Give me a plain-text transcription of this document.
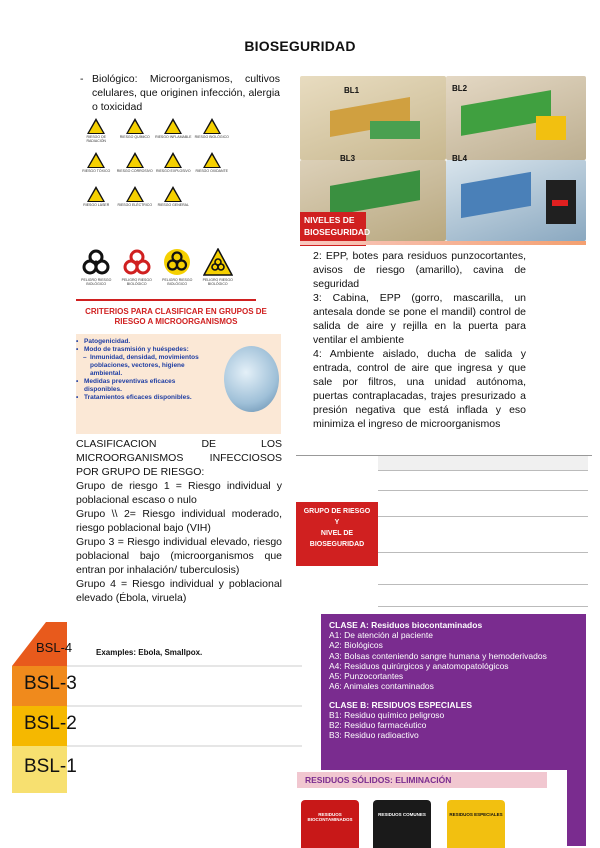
BIOSEGURIDAD
- Biológico: Microorganismos, cultivos celulares, que originen infección, alergia o toxicidad
RIESGO DE RADIACIÓN
RIESGO QUÍMICO RIESGO INFLAMABLE RIESGO BIOLÓGICO
RIESGO TÓXICO RIESGO CORROSIVO RIESGO EXPLOSIVO RIESGO OXIDANTE
RIESGO LÁSER RIESGO ELÉCTRICO RIESGO GENERAL
PELIGRO RIESGO BIOLÓGICO
PELIGRO RIESGO BIOLÓGICO
PELIGRO RIESGO BIOLÓGICO
PELIGRO RIESGO BIOLÓGICO
CRITERIOS PARA CLASIFICAR EN GRUPOS DE RIESGO A MICROORGANISMOS
• Patogenicidad.
• Modo de trasmisión y huéspedes:
– Inmunidad, densidad, movimientos poblaciones, vectores, higiene ambiental.
• Medidas preventivas eficaces disponibles.
• Tratamientos eficaces disponibles.

CLASIFICACION DE LOS MICROORGANISMOS INFECCIOSOS POR GRUPO DE RIESGO:

Grupo de riesgo 1 = Riesgo individual y poblacional escaso o nulo

Grupo \\ 2= Riesgo individual moderado, riesgo poblacional bajo (VIH)

Grupo 3 = Riesgo individual elevado, riesgo poblacional bajo (microorganismos que entran por inhalación/ tuberculosis)

Grupo 4 = Riesgo individual y poblacional elevado (Ébola, viruela)

BL1	BL2
BL3	BL4
NIVELES DE
BIOSEGURIDAD

2: EPP, botes para residuos punzocortantes, avisos de riesgo (amarillo), cavina de seguridad

3: Cabina, EPP (gorro, mascarilla, un antesala donde se pone el mandil) control de salida de aire y rejilla en la puerta para ventilar el ambiente

4: Ambiente aislado, ducha de salida y entrada, control de aire que ingresa y que sale por filtros, una unidad autónoma, puertas contraplacadas, trajes presurizado a presión negativa que está inflada y eso minimiza el ingreso de microorganismos

GRUPO DE RIESGO
Y
NIVEL DE
BIOSEGURIDAD
BSL-4
BSL-3
BSL-2
BSL-1
Examples: Ebola, Smallpox.
CLASE A: Residuos biocontaminados
A1: De atención al paciente
A2: Biológicos
A3: Bolsas conteniendo sangre humana y hemoderivados
A4: Residuos quirúrgicos y anatomopatológicos
A5: Punzocortantes
A6: Animales contaminados
CLASE B: RESIDUOS ESPECIALES
B1: Residuo químico peligroso
B2: Residuo farmacéutico
B3: Residuo radioactivo
RESIDUOS SÓLIDOS: ELIMINACIÓN
RESIDUOS BIOCONTAMINADOS
RESIDUOS COMUNES	RESIDUOS ESPECIALES
